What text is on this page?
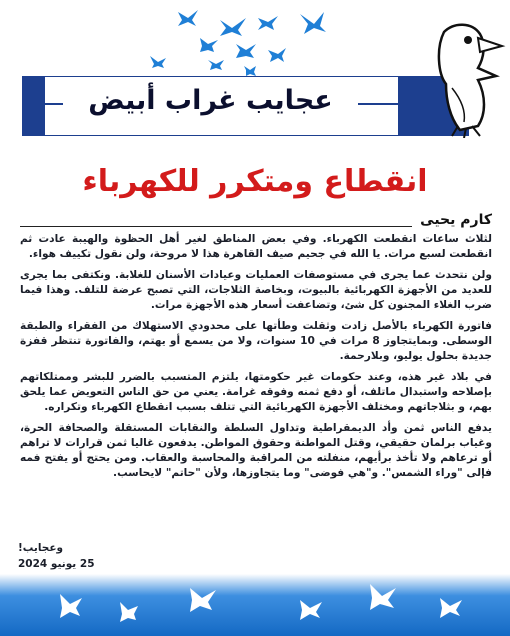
عجايب غراب أبيض
انقطاع ومتكرر للكهرباء
كارم يحيى

لثلاث ساعات انقطعت الكهرباء. وفي بعض المناطق لغير أهل الحظوة والهيبة عادت ثم انقطعت لسبع مرات. يا الله في جحيم صيف القاهرة هذا لا مروحة، ولن نقول تكييف هواء.

ولن نتحدث عما يجرى في مستوصفات العمليات وعيادات الأسنان للغلابة. ونكتفى بما يجرى للعديد من الأجهزة الكهربائية بالبيوت، وبخاصة الثلاجات، التي تصبح عرضة للتلف. وهذا فيما ضرب الغلاء المجنون كل شئ، وتضاعفت أسعار هذه الأجهزة مرات.

فاتورة الكهرباء بالأصل زادت وثقلت وطأتها على محدودي الاستهلاك من الفقراء والطبقة الوسطى. وبمايتجاوز 8 مرات في 10 سنوات، ولا من يسمع أو يهتم، والفاتورة تنتظر قفزة جديدة بحلول يوليو، وبلارحمة.

في بلاد غير هذه، وعند حكومات غير حكومتها، يلتزم المتسبب بالضرر للبشر وممتلكاتهم بإصلاحه واستبدال ماتلف، أو دفع ثمنه وفوقه غرامة. يعني من حق الناس التعويض عما يلحق بهم، و بثلاجاتهم ومختلف الأجهزة الكهربائية التي تتلف بسبب انقطاع الكهرباء وتكراره.

يدفع الناس ثمن وأد الديمقراطية وتداول السلطة والنقابات المستقلة والصحافة الحرة، وغياب برلمان حقيقي، وقتل المواطنة وحقوق المواطن. يدفعون غاليا ثمن قرارات لا تراهم أو ترعاهم ولا تأخذ برأيهم، منفلته من المراقبة والمحاسبة والعقاب. ومن يحتج أو يفتح فمه فإلى "وراء الشمس". و"هي فوضى" وما يتجاوزها، ولأن "حاتم" لايحاسب.

وعجايب!
25 يونيو 2024
